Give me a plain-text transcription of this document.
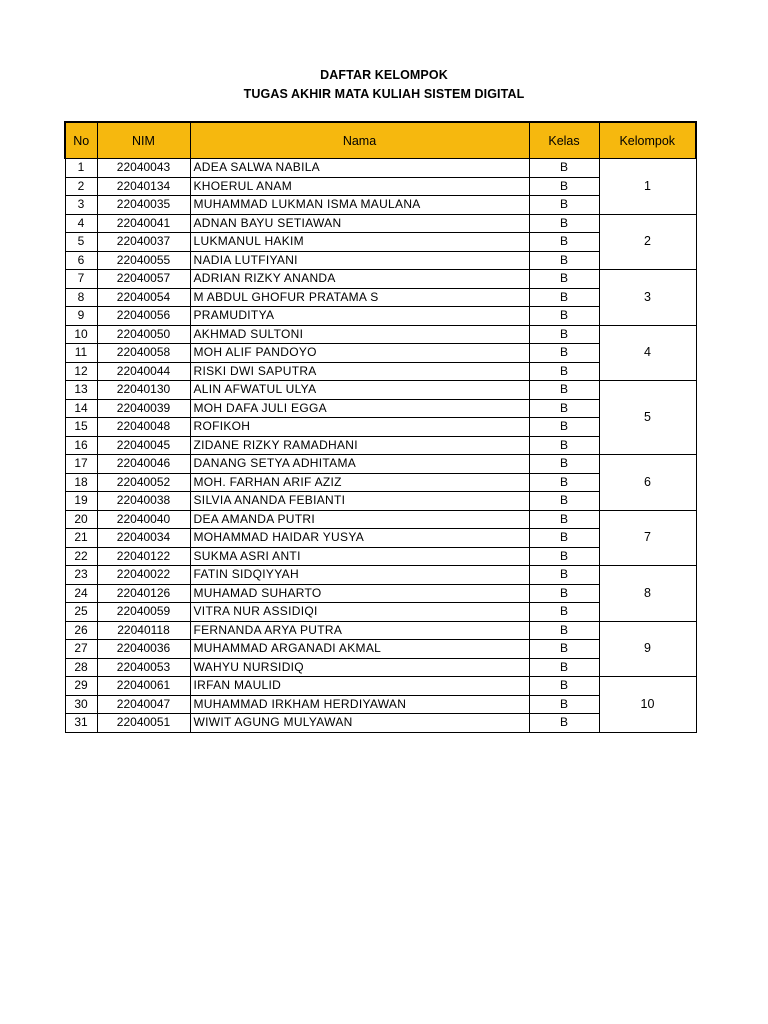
DAFTAR KELOMPOK
TUGAS AKHIR MATA KULIAH SISTEM DIGITAL
No	NIM	Nama	Kelas	Kelompok
1	22040043	ADEA SALWA NABILA	B	1
2	22040134	KHOERUL ANAM	B	
3	22040035	MUHAMMAD LUKMAN ISMA MAULANA	B	
4	22040041	ADNAN BAYU SETIAWAN	B	2
5	22040037	LUKMANUL HAKIM	B	
6	22040055	NADIA LUTFIYANI	B	
7	22040057	ADRIAN RIZKY ANANDA	B	3
8	22040054	M ABDUL GHOFUR PRATAMA S	B	
9	22040056	PRAMUDITYA	B	
10	22040050	AKHMAD SULTONI	B	4
11	22040058	MOH ALIF PANDOYO	B	
12	22040044	RISKI DWI SAPUTRA	B	
13	22040130	ALIN AFWATUL ULYA	B	5
14	22040039	MOH DAFA JULI EGGA	B	
15	22040048	ROFIKOH	B	
16	22040045	ZIDANE RIZKY RAMADHANI	B	
17	22040046	DANANG SETYA ADHITAMA	B	6
18	22040052	MOH. FARHAN ARIF AZIZ	B	
19	22040038	SILVIA ANANDA FEBIANTI	B	
20	22040040	DEA AMANDA PUTRI	B	7
21	22040034	MOHAMMAD HAIDAR YUSYA	B	
22	22040122	SUKMA ASRI ANTI	B	
23	22040022	FATIN SIDQIYYAH	B	8
24	22040126	MUHAMAD SUHARTO	B	
25	22040059	VITRA NUR ASSIDIQI	B	
26	22040118	FERNANDA ARYA PUTRA	B	9
27	22040036	MUHAMMAD ARGANADI AKMAL	B	
28	22040053	WAHYU NURSIDIQ	B	
29	22040061	IRFAN MAULID	B	10
30	22040047	MUHAMMAD IRKHAM HERDIYAWAN	B	
31	22040051	WIWIT AGUNG MULYAWAN	B	
